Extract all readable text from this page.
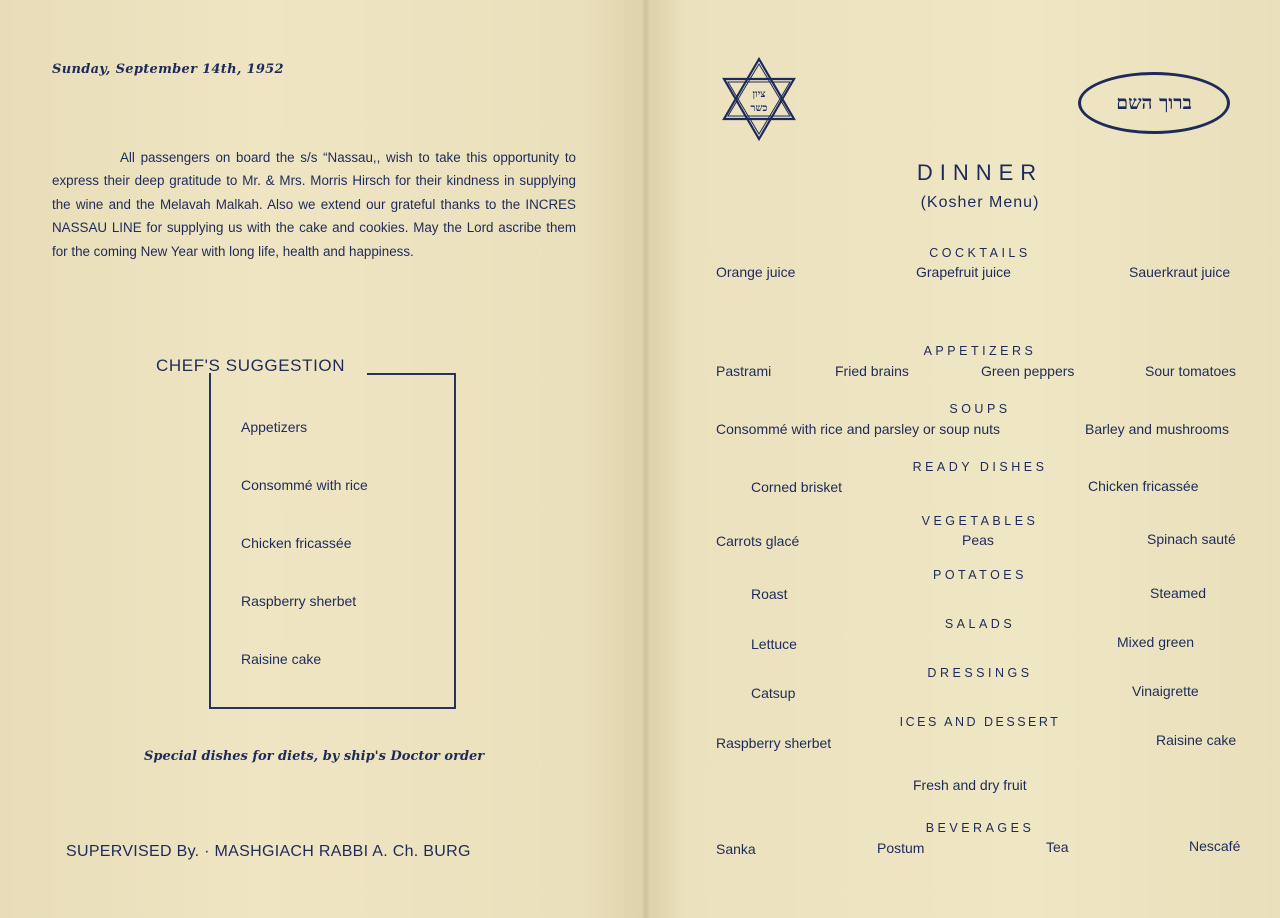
Sunday, September 14th, 1952
All passengers on board the s/s “Nassau,, wish to take this opportunity to express their deep gratitude to Mr. & Mrs. Morris Hirsch for their kindness in supplying the wine and the Melavah Malkah. Also we extend our grateful thanks to the INCRES NASSAU LINE for supplying us with the cake and cookies. May the Lord ascribe them for the coming New Year with long life, health and happiness.
CHEF'S SUGGESTION
Appetizers
Consommé with rice
Chicken fricassée
Raspberry sherbet
Raisine cake
Special dishes for diets, by ship's Doctor order
SUPERVISED By. · MASHGIACH RABBI A. Ch. BURG
ציון
כשר	ברוך השם
DINNER
(Kosher Menu)
COCKTAILS
Orange juice	Grapefruit juice	Sauerkraut juice
APPETIZERS
Pastrami	Fried brains	Green peppers	Sour tomatoes
SOUPS
Consommé with rice and parsley or soup nuts	Barley and mushrooms
READY DISHES
Corned brisket	Chicken fricassée
VEGETABLES
Carrots glacé	Peas	Spinach sauté
POTATOES
Roast	Steamed
SALADS
Lettuce	Mixed green
DRESSINGS
Catsup	Vinaigrette
ICES AND DESSERT
Raspberry sherbet	Raisine cake
Fresh and dry fruit
BEVERAGES
Sanka	Postum	Tea	Nescafé
